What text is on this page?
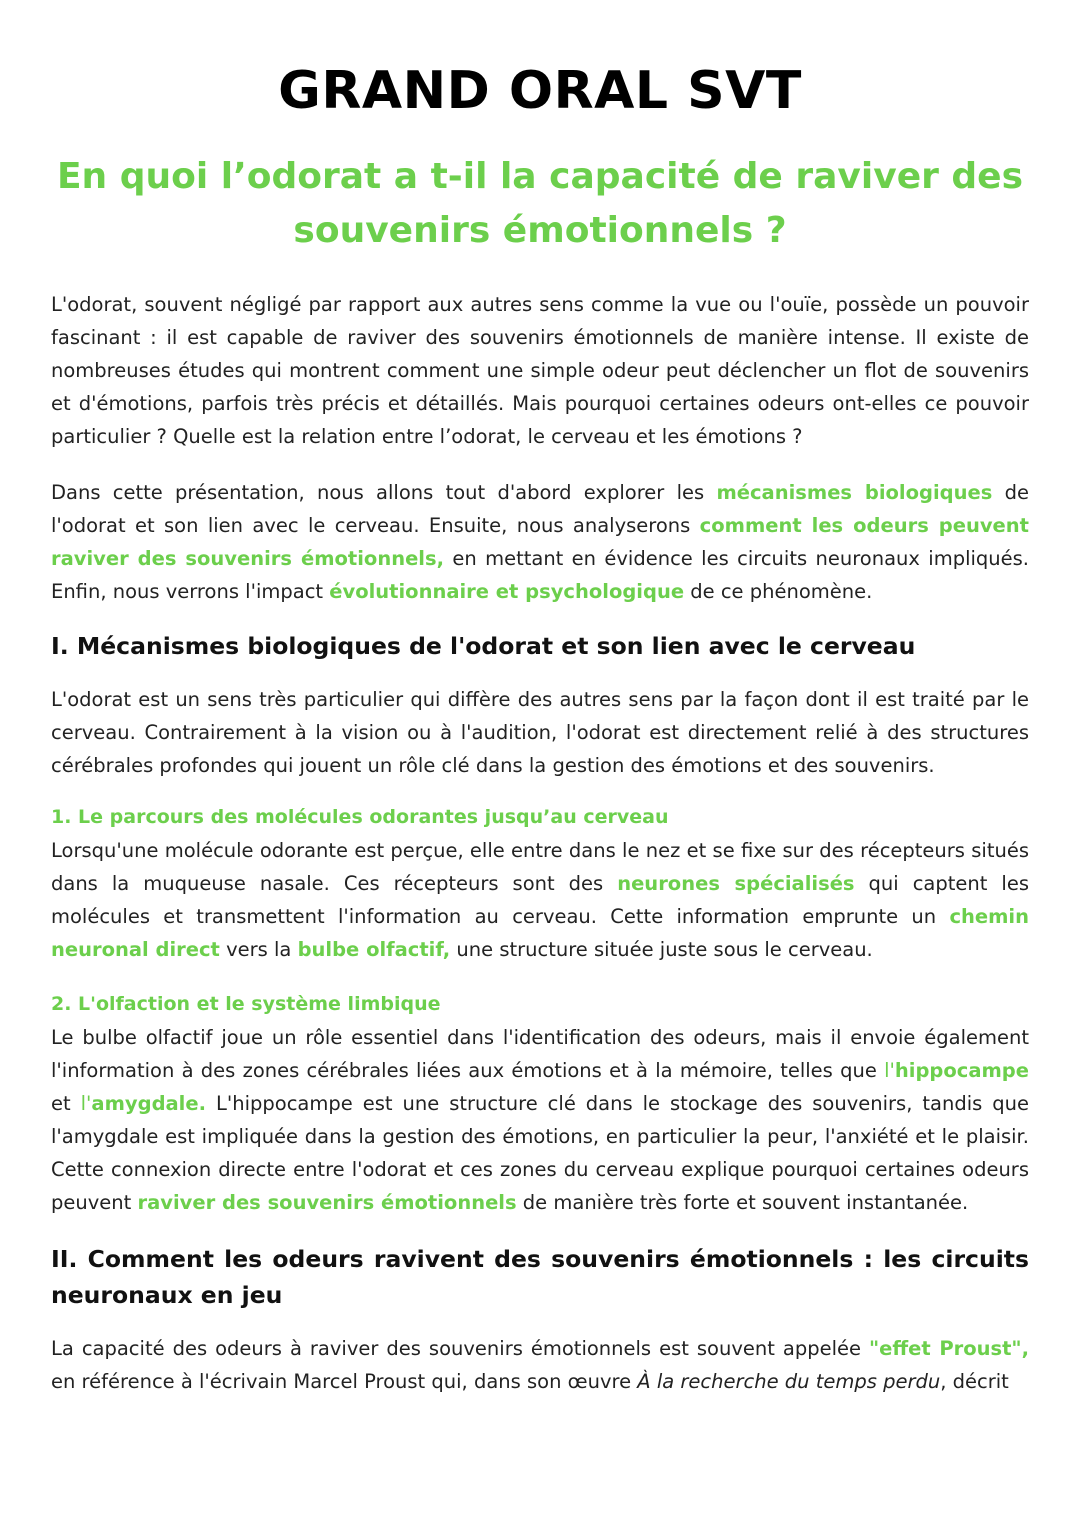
GRAND ORAL SVT
En quoi l’odorat a t-il la capacité de raviver des
souvenirs émotionnels ?

L'odorat, souvent négligé par rapport aux autres sens comme la vue ou l'ouïe, possède un pouvoir fascinant : il est capable de raviver des souvenirs émotionnels de manière intense. Il existe de nombreuses études qui montrent comment une simple odeur peut déclencher un flot de souvenirs et d'émotions, parfois très précis et détaillés. Mais pourquoi certaines odeurs ont-elles ce pouvoir particulier ? Quelle est la relation entre l’odorat, le cerveau et les émotions ?

Dans cette présentation, nous allons tout d'abord explorer les mécanismes biologiques de l'odorat et son lien avec le cerveau. Ensuite, nous analyserons comment les odeurs peuvent raviver des souvenirs émotionnels, en mettant en évidence les circuits neuronaux impliqués. Enfin, nous verrons l'impact évolutionnaire et psychologique de ce phénomène.

I. Mécanismes biologiques de l'odorat et son lien avec le cerveau

L'odorat est un sens très particulier qui diffère des autres sens par la façon dont il est traité par le cerveau. Contrairement à la vision ou à l'audition, l'odorat est directement relié à des structures cérébrales profondes qui jouent un rôle clé dans la gestion des émotions et des souvenirs.

1. Le parcours des molécules odorantes jusqu’au cerveau

Lorsqu'une molécule odorante est perçue, elle entre dans le nez et se fixe sur des récepteurs situés dans la muqueuse nasale. Ces récepteurs sont des neurones spécialisés qui captent les molécules et transmettent l'information au cerveau. Cette information emprunte un chemin neuronal direct vers la bulbe olfactif, une structure située juste sous le cerveau.

2. L'olfaction et le système limbique

Le bulbe olfactif joue un rôle essentiel dans l'identification des odeurs, mais il envoie également l'information à des zones cérébrales liées aux émotions et à la mémoire, telles que l'hippocampe et l'amygdale. L'hippocampe est une structure clé dans le stockage des souvenirs, tandis que l'amygdale est impliquée dans la gestion des émotions, en particulier la peur, l'anxiété et le plaisir. Cette connexion directe entre l'odorat et ces zones du cerveau explique pourquoi certaines odeurs peuvent raviver des souvenirs émotionnels de manière très forte et souvent instantanée.

II. Comment les odeurs ravivent des souvenirs émotionnels : les circuits neuronaux en jeu

La capacité des odeurs à raviver des souvenirs émotionnels est souvent appelée "effet Proust", en référence à l'écrivain Marcel Proust qui, dans son œuvre À la recherche du temps perdu, décrit
